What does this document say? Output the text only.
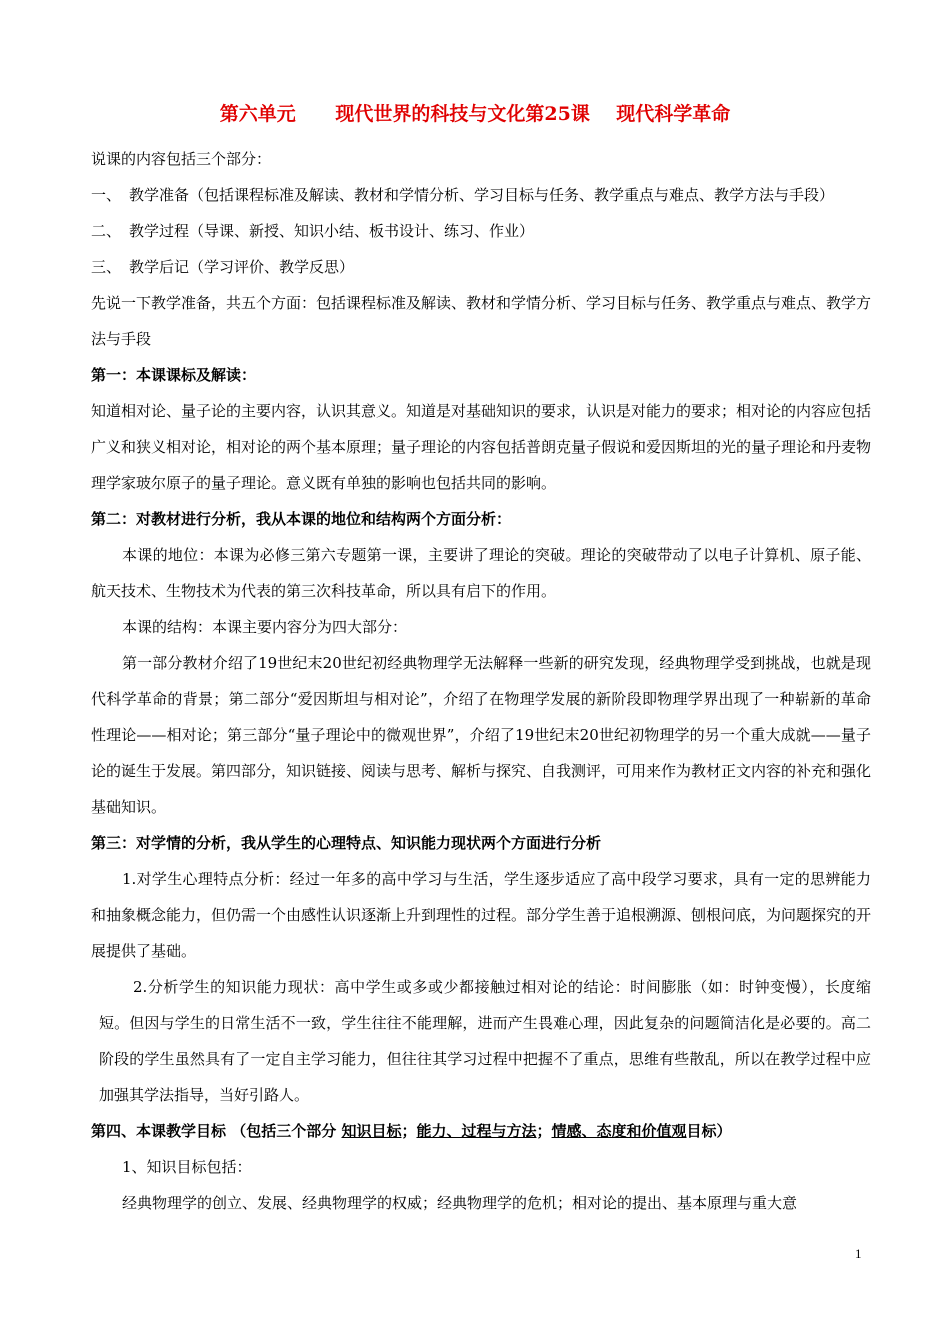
第六单元      现代世界的科技与文化第25课    现代科学革命

说课的内容包括三个部分：

一、 教学准备（包括课程标准及解读、教材和学情分析、学习目标与任务、教学重点与难点、教学方法与手段）

二、 教学过程（导课、新授、知识小结、板书设计、练习、作业）

三、 教学后记（学习评价、教学反思）

先说一下教学准备，共五个方面：包括课程标准及解读、教材和学情分析、学习目标与任务、教学重点与难点、教学方法与手段

第一：本课课标及解读：

知道相对论、量子论的主要内容，认识其意义。知道是对基础知识的要求，认识是对能力的要求；相对论的内容应包括广义和狭义相对论，相对论的两个基本原理；量子理论的内容包括普朗克量子假说和爱因斯坦的光的量子理论和丹麦物理学家玻尔原子的量子理论。意义既有单独的影响也包括共同的影响。

第二：对教材进行分析，我从本课的地位和结构两个方面分析：

本课的地位：本课为必修三第六专题第一课，主要讲了理论的突破。理论的突破带动了以电子计算机、原子能、航天技术、生物技术为代表的第三次科技革命，所以具有启下的作用。

本课的结构：本课主要内容分为四大部分：

第一部分教材介绍了19世纪末20世纪初经典物理学无法解释一些新的研究发现，经典物理学受到挑战，也就是现代科学革命的背景；第二部分“爱因斯坦与相对论”，介绍了在物理学发展的新阶段即物理学界出现了一种崭新的革命性理论——相对论；第三部分“量子理论中的微观世界”，介绍了19世纪末20世纪初物理学的另一个重大成就——量子论的诞生于发展。第四部分，知识链接、阅读与思考、解析与探究、自我测评，可用来作为教材正文内容的补充和强化基础知识。

第三：对学情的分析，我从学生的心理特点、知识能力现状两个方面进行分析

1.对学生心理特点分析：经过一年多的高中学习与生活，学生逐步适应了高中段学习要求，具有一定的思辨能力和抽象概念能力，但仍需一个由感性认识逐渐上升到理性的过程。部分学生善于追根溯源、刨根问底，为问题探究的开展提供了基础。

2.分析学生的知识能力现状：高中学生或多或少都接触过相对论的结论：时间膨胀（如：时钟变慢），长度缩短。但因与学生的日常生活不一致，学生往往不能理解，进而产生畏难心理，因此复杂的问题简洁化是必要的。高二阶段的学生虽然具有了一定自主学习能力，但往往其学习过程中把握不了重点，思维有些散乱，所以在教学过程中应加强其学法指导，当好引路人。

第四、本课教学目标 （包括三个部分 知识目标；能力、过程与方法；情感、态度和价值观目标）

1、知识目标包括：

经典物理学的创立、发展、经典物理学的权威；经典物理学的危机；相对论的提出、基本原理与重大意

1
